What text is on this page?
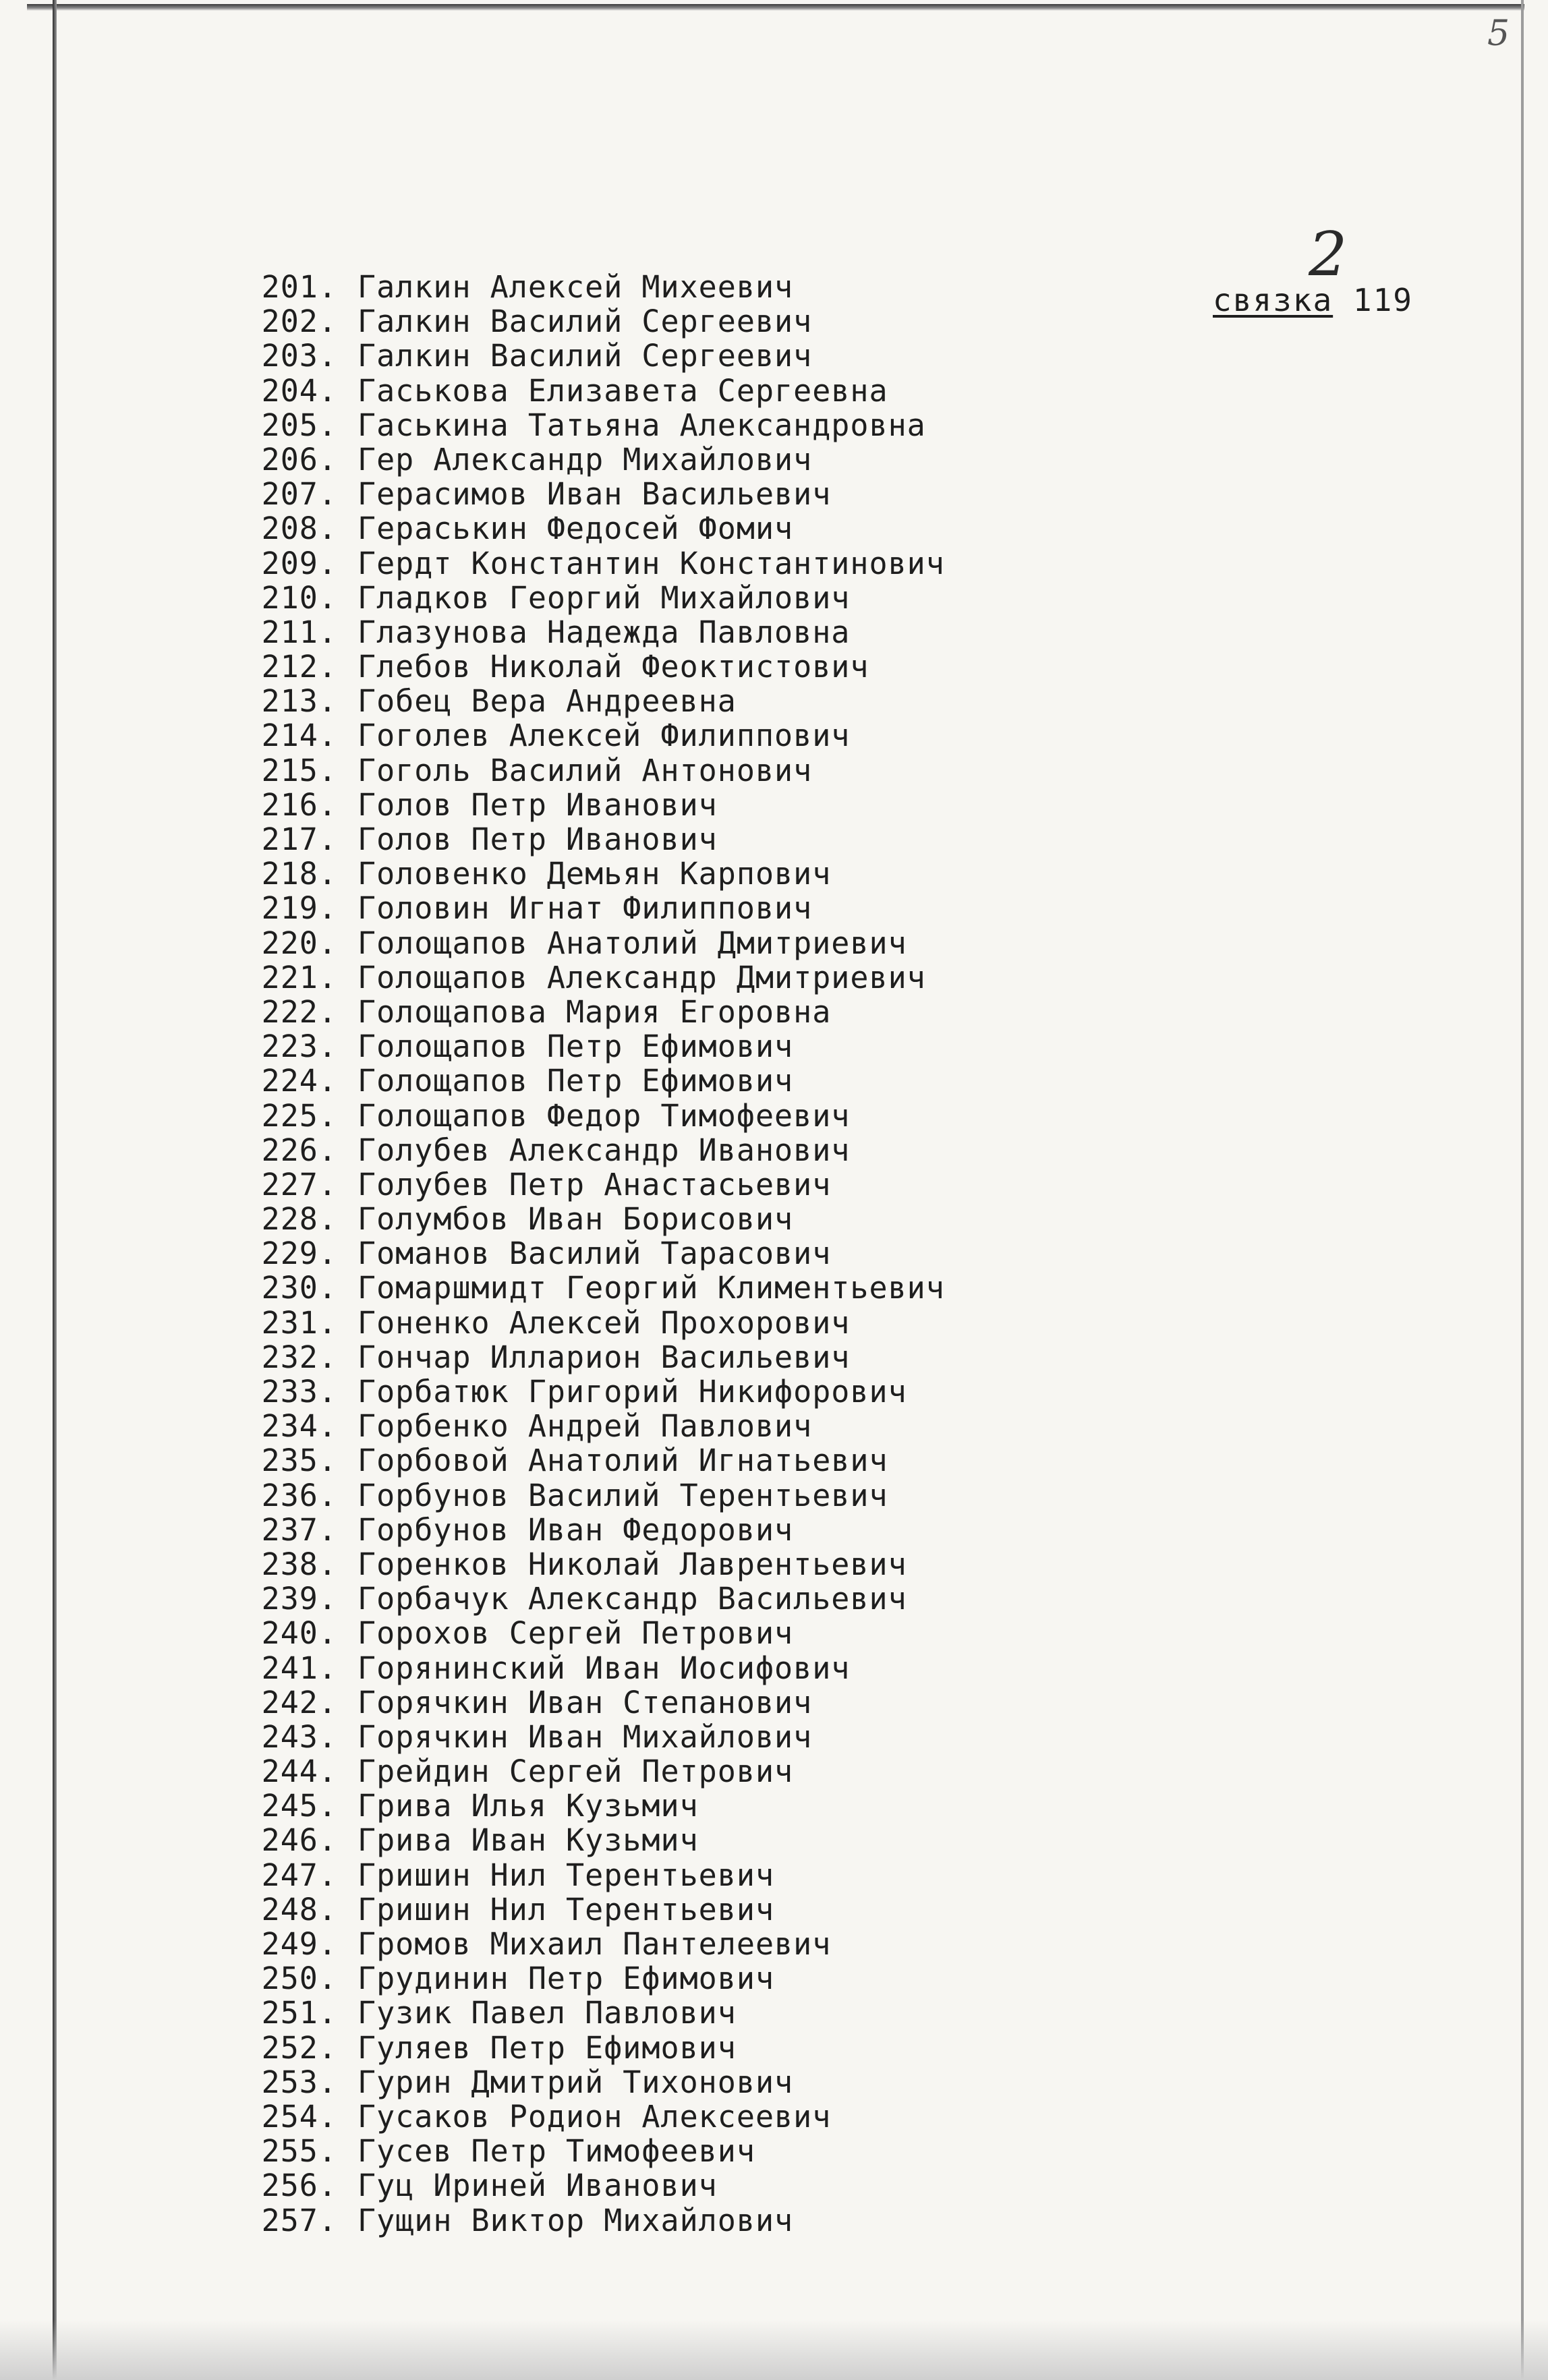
5
2
связка 119
201. Галкин Алексей Михеевич
202. Галкин Василий Сергеевич
203. Галкин Василий Сергеевич
204. Гаськова Елизавета Сергеевна
205. Гаськина Татьяна Александровна
206. Гер Александр Михайлович
207. Герасимов Иван Васильевич
208. Гераськин Федосей Фомич
209. Гердт Константин Константинович
210. Гладков Георгий Михайлович
211. Глазунова Надежда Павловна
212. Глебов Николай Феоктистович
213. Гобец Вера Андреевна
214. Гоголев Алексей Филиппович
215. Гоголь Василий Антонович
216. Голов Петр Иванович
217. Голов Петр Иванович
218. Головенко Демьян Карпович
219. Головин Игнат Филиппович
220. Голощапов Анатолий Дмитриевич
221. Голощапов Александр Дмитриевич
222. Голощапова Мария Егоровна
223. Голощапов Петр Ефимович
224. Голощапов Петр Ефимович
225. Голощапов Федор Тимофеевич
226. Голубев Александр Иванович
227. Голубев Петр Анастасьевич
228. Голумбов Иван Борисович
229. Гоманов Василий Тарасович
230. Гомаршмидт Георгий Климентьевич
231. Гоненко Алексей Прохорович
232. Гончар Илларион Васильевич
233. Горбатюк Григорий Никифорович
234. Горбенко Андрей Павлович
235. Горбовой Анатолий Игнатьевич
236. Горбунов Василий Терентьевич
237. Горбунов Иван Федорович
238. Горенков Николай Лаврентьевич
239. Горбачук Александр Васильевич
240. Горохов Сергей Петрович
241. Горянинский Иван Иосифович
242. Горячкин Иван Степанович
243. Горячкин Иван Михайлович
244. Грейдин Сергей Петрович
245. Грива Илья Кузьмич
246. Грива Иван Кузьмич
247. Гришин Нил Терентьевич
248. Гришин Нил Терентьевич
249. Громов Михаил Пантелеевич
250. Грудинин Петр Ефимович
251. Гузик Павел Павлович
252. Гуляев Петр Ефимович
253. Гурин Дмитрий Тихонович
254. Гусаков Родион Алексеевич
255. Гусев Петр Тимофеевич
256. Гуц Ириней Иванович
257. Гущин Виктор Михайлович
